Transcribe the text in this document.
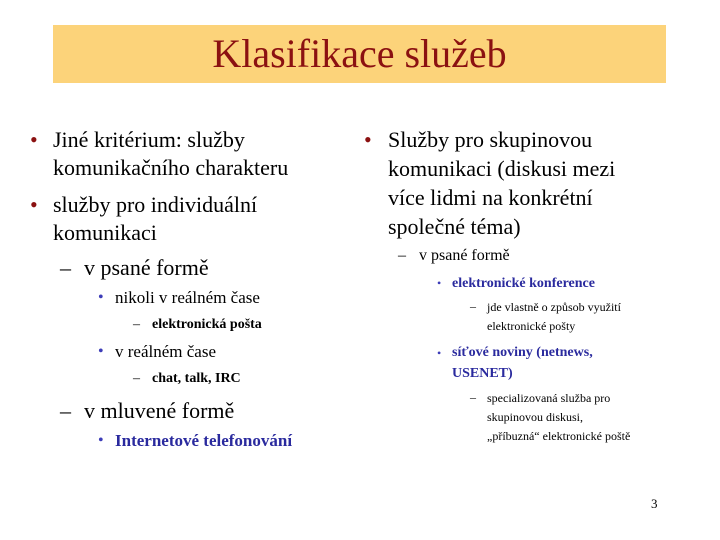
Klasifikace služeb
• Jiné kritérium: služby
komunikačního charakteru
• služby pro individuální
komunikaci
– v psané formě
• nikoli v reálném čase
– elektronická pošta
• v reálném čase
– chat, talk, IRC
– v mluvené formě
• Internetové telefonování
• Služby pro skupinovou
komunikaci (diskusi mezi
více lidmi na konkrétní
společné téma)
– v psané formě
• elektronické konference
– jde vlastně o způsob využití
elektronické pošty
• síťové noviny (netnews,
USENET)
– specializovaná služba pro
skupinovou diskusi,
„příbuzná“ elektronické poště
3
